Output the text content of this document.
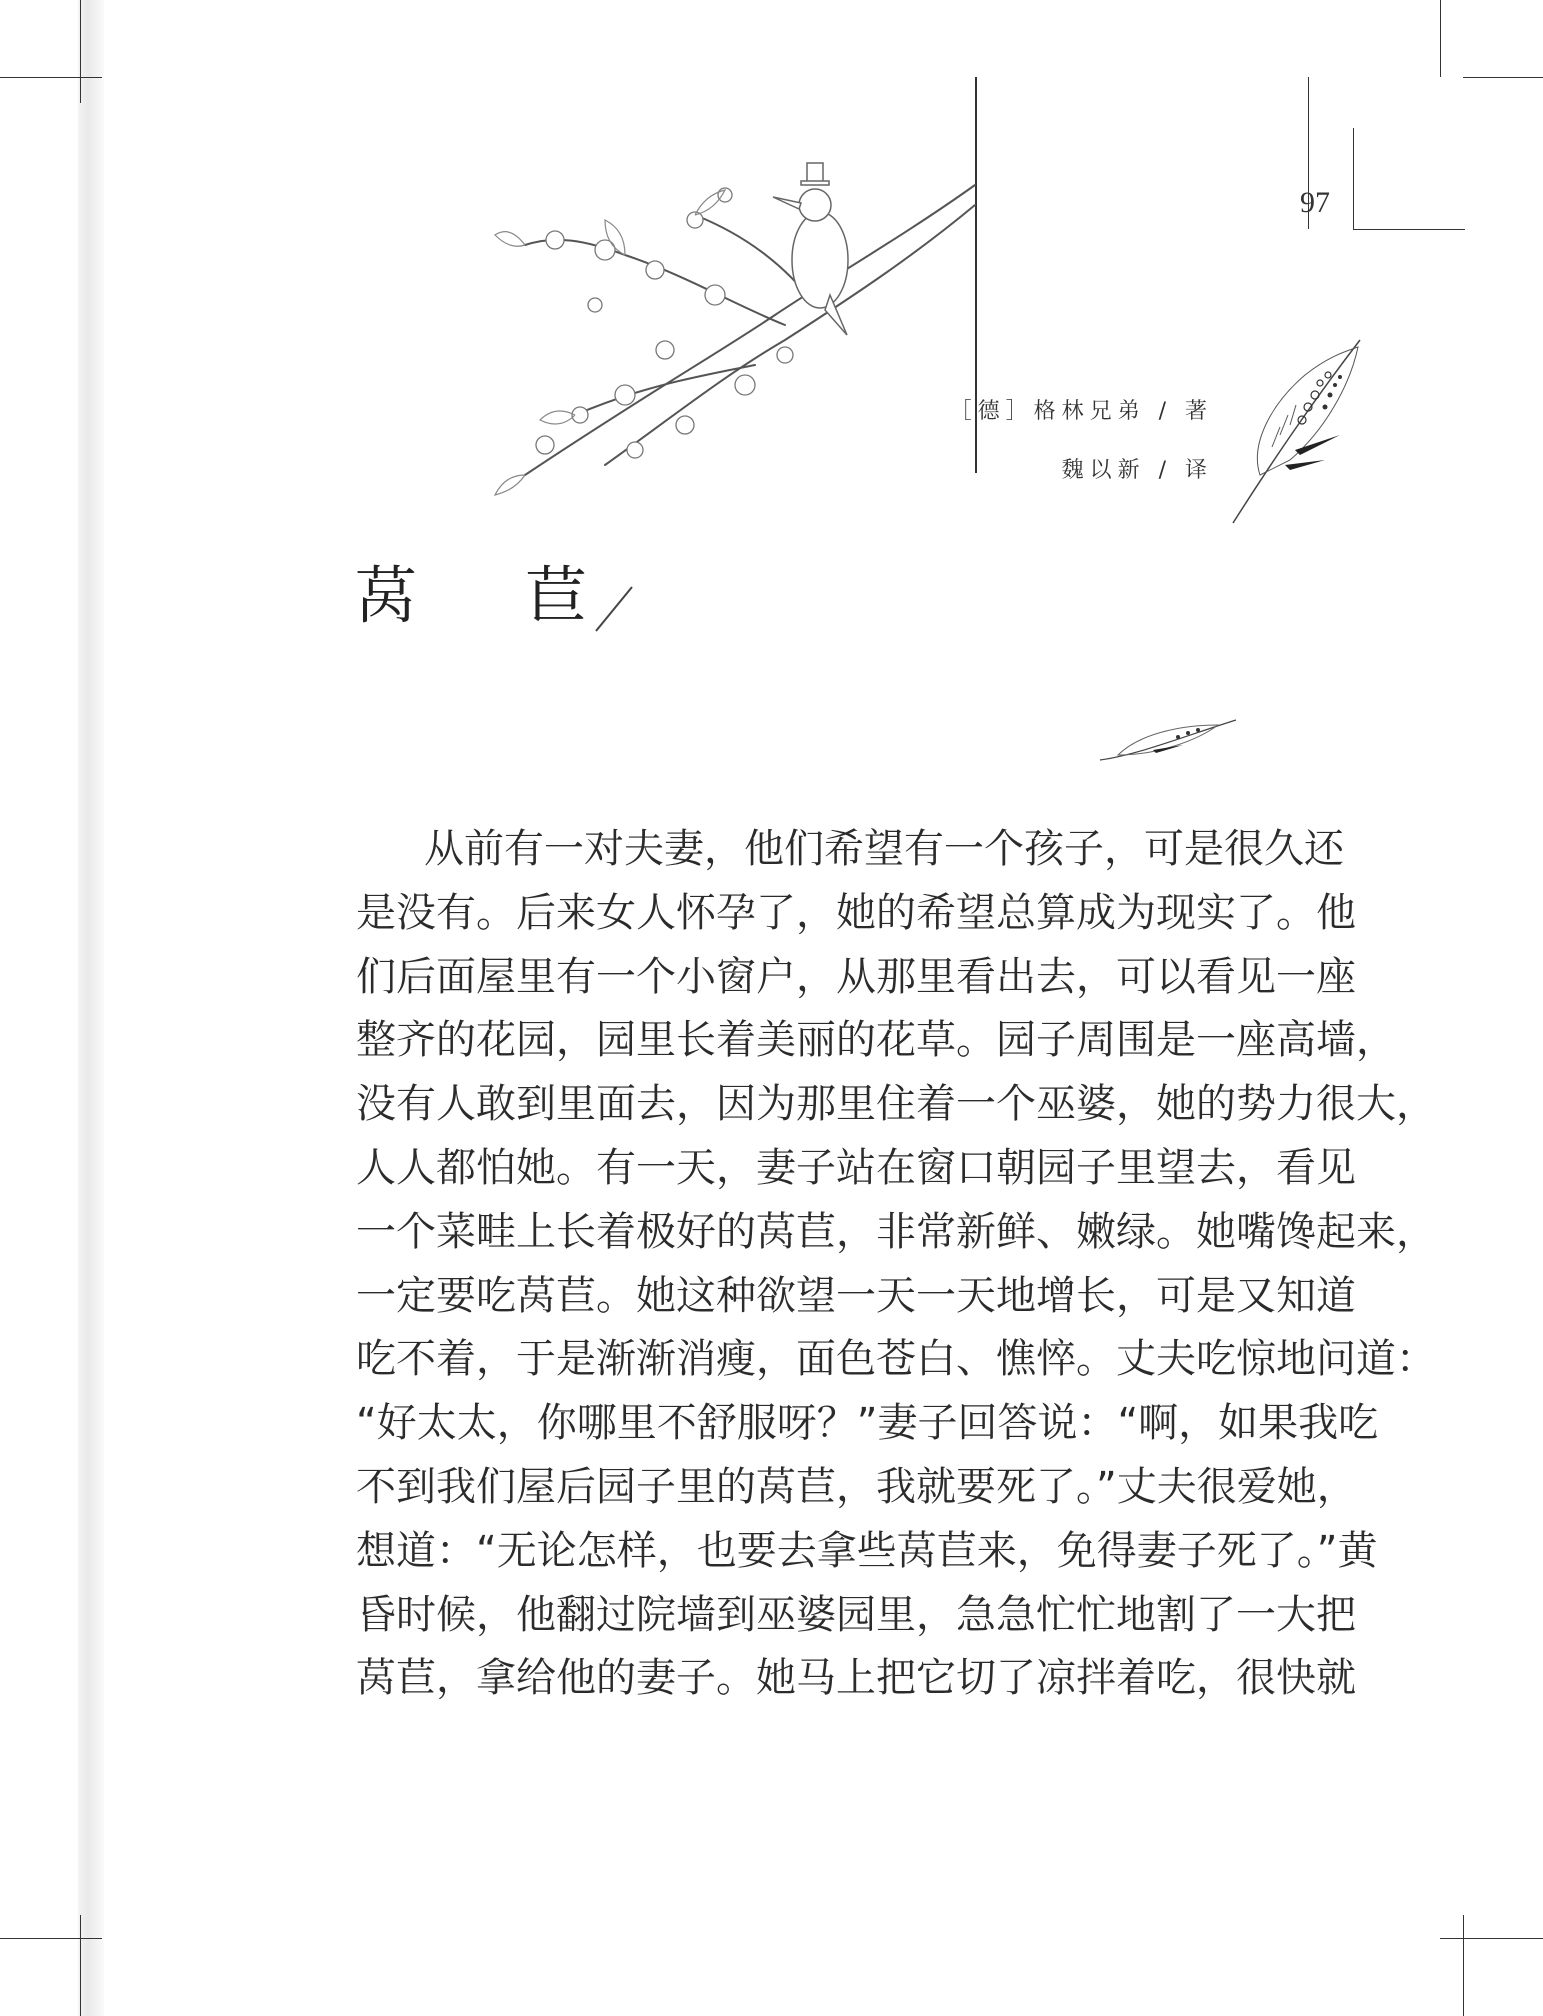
97
［德］格林兄弟 / 著
魏以新 / 译
莴 苣
从前有一对夫妻，他们希望有一个孩子，可是很久还
是没有。后来女人怀孕了，她的希望总算成为现实了。他
们后面屋里有一个小窗户，从那里看出去，可以看见一座
整齐的花园，园里长着美丽的花草。园子周围是一座高墙，
没有人敢到里面去，因为那里住着一个巫婆，她的势力很大，
人人都怕她。有一天，妻子站在窗口朝园子里望去，看见
一个菜畦上长着极好的莴苣，非常新鲜、嫩绿。她嘴馋起来，
一定要吃莴苣。她这种欲望一天一天地增长，可是又知道
吃不着，于是渐渐消瘦，面色苍白、憔悴。丈夫吃惊地问道：
“好太太，你哪里不舒服呀？”妻子回答说：“啊，如果我吃
不到我们屋后园子里的莴苣，我就要死了。”丈夫很爱她，
想道：“无论怎样，也要去拿些莴苣来，免得妻子死了。”黄
昏时候，他翻过院墙到巫婆园里，急急忙忙地割了一大把
莴苣，拿给他的妻子。她马上把它切了凉拌着吃，很快就
